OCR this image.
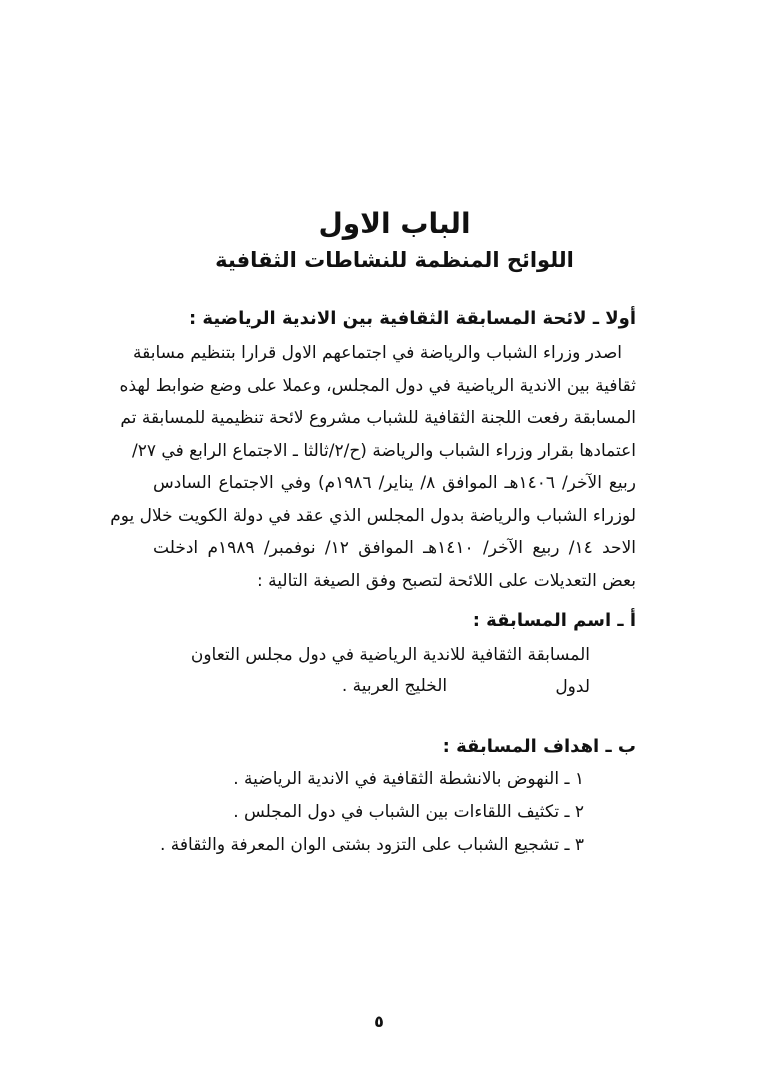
الباب الاول
اللوائح المنظمة للنشاطات الثقافية
أولا ـ لائحة المسابقة الثقافية بين الاندية الرياضية :
اصدر وزراء الشباب والرياضة في اجتماعهم الاول قرارا بتنظيم مسابقة
ثقافية بين الاندية الرياضية في دول المجلس، وعملا على وضع ضوابط لهذه
المسابقة رفعت اللجنة الثقافية للشباب مشروع لائحة تنظيمية للمسابقة تم
اعتمادها بقرار وزراء الشباب والرياضة (ح/٢/ثالثا ـ الاجتماع الرابع في ٢٧/
ربيع الآخر/ ١٤٠٦هـ الموافق ٨/ يناير/ ١٩٨٦م) وفي الاجتماع السادس
لوزراء الشباب والرياضة بدول المجلس الذي عقد في دولة الكويت خلال يوم
الاحد ١٤/ ربيع الآخر/ ١٤١٠هـ الموافق ١٢/ نوفمبر/ ١٩٨٩م ادخلت
بعض التعديلات على اللائحة لتصبح وفق الصيغة التالية :
أ ـ اسم المسابقة :
المسابقة الثقافية للاندية الرياضية في دول مجلس التعاون لدول
الخليج العربية .
ب ـ اهداف المسابقة :
١ ـ النهوض بالانشطة الثقافية في الاندية الرياضية .
٢ ـ تكثيف اللقاءات بين الشباب في دول المجلس .
٣ ـ تشجيع الشباب على التزود بشتى الوان المعرفة والثقافة .
٥
